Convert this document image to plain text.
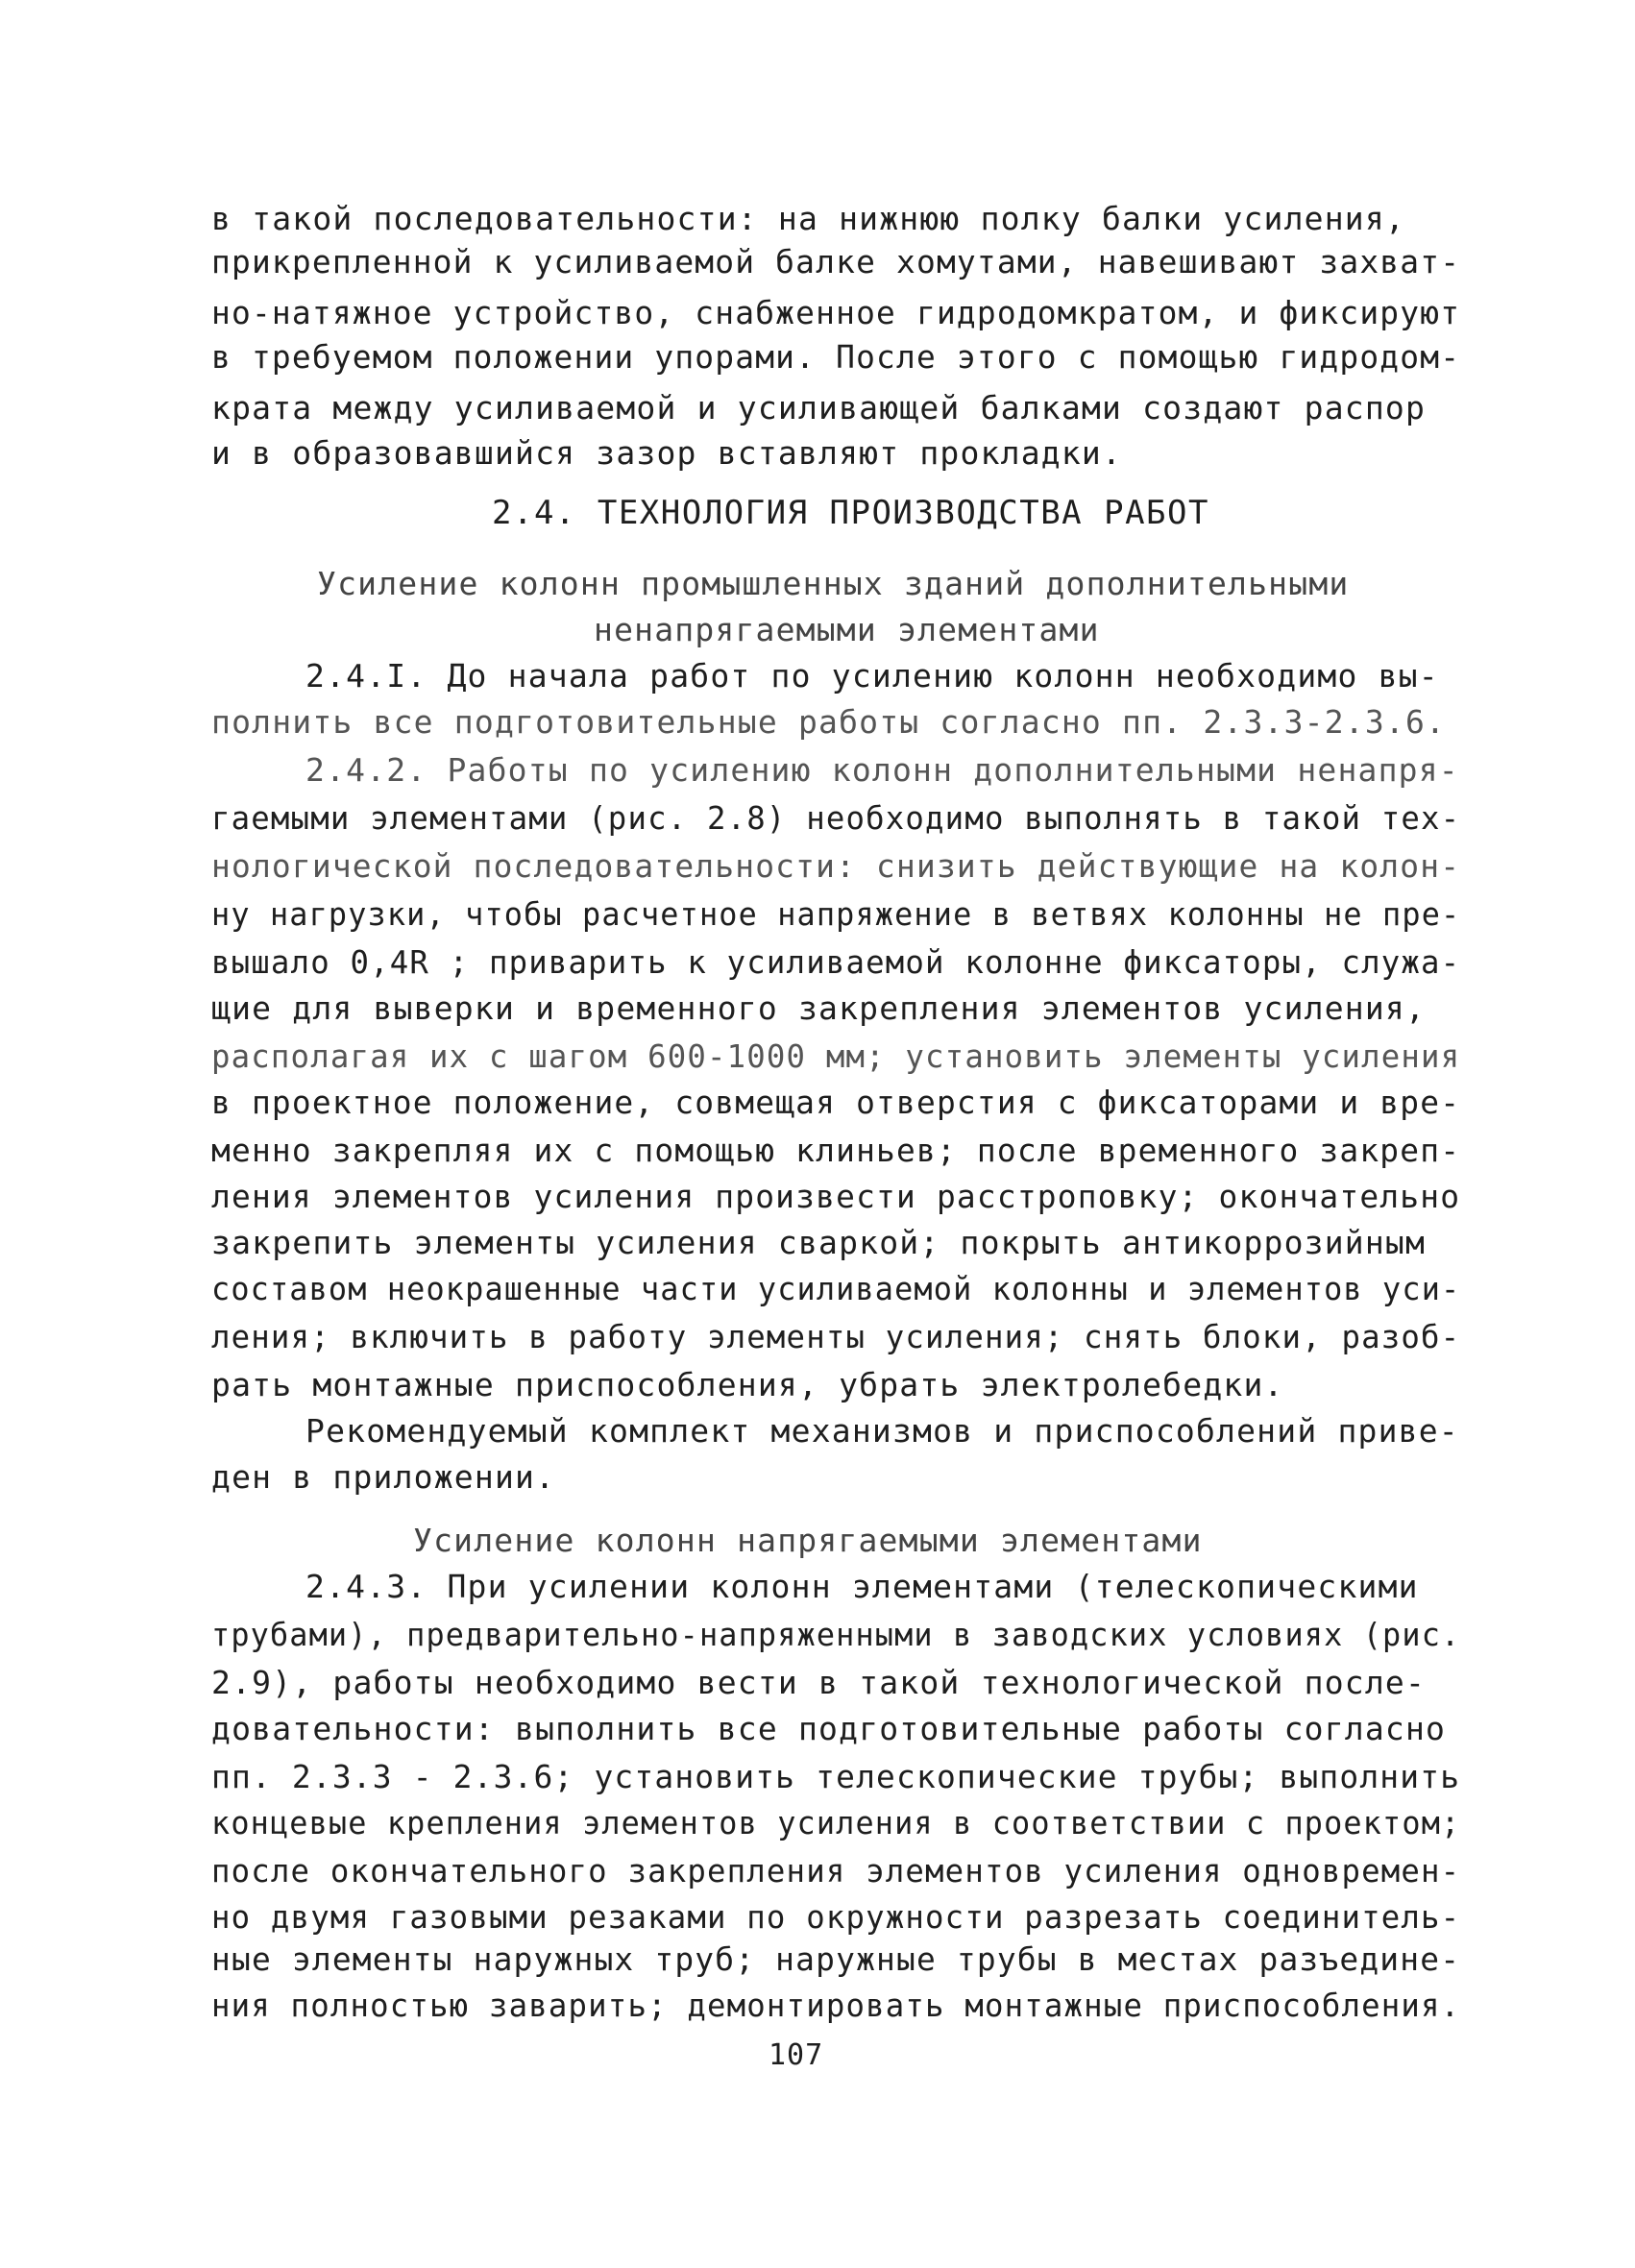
в такой последовательности: на нижнюю полку балки усиления,
прикрепленной к усиливаемой балке хомутами, навешивают захват-
но-натяжное устройство, снабженное гидродомкратом, и фиксируют
в требуемом положении упорами. После этого с помощью гидродом-
крата между усиливаемой и усиливающей балками создают распор
и в образовавшийся зазор вставляют прокладки.
2.4. ТЕХНОЛОГИЯ ПРОИЗВОДСТВА РАБОТ
Усиление колонн промышленных зданий дополнительными
ненапрягаемыми элементами
2.4.I. До начала работ по усилению колонн необходимо вы-
полнить все подготовительные работы согласно пп. 2.3.3-2.3.6.
2.4.2. Работы по усилению колонн дополнительными ненапря-
гаемыми элементами (рис. 2.8) необходимо выполнять в такой тех-
нологической последовательности: снизить действующие на колон-
ну нагрузки, чтобы расчетное напряжение в ветвях колонны не пре-
вышало 0,4R ; приварить к усиливаемой колонне фиксаторы, служа-
щие для выверки и временного закрепления элементов усиления,
располагая их с шагом 600-1000 мм; установить элементы усиления
в проектное положение, совмещая отверстия с фиксаторами и вре-
менно закрепляя их с помощью клиньев; после временного закреп-
ления элементов усиления произвести расстроповку; окончательно
закрепить элементы усиления сваркой; покрыть антикоррозийным
составом неокрашенные части усиливаемой колонны и элементов уси-
ления; включить в работу элементы усиления; снять блоки, разоб-
рать монтажные приспособления, убрать электролебедки.
Рекомендуемый комплект механизмов и приспособлений приве-
ден в приложении.
Усиление колонн напрягаемыми элементами
2.4.3. При усилении колонн элементами (телескопическими
трубами), предварительно-напряженными в заводских условиях (рис.
2.9), работы необходимо вести в такой технологической после-
довательности: выполнить все подготовительные работы согласно
пп. 2.3.3 - 2.3.6; установить телескопические трубы; выполнить
концевые крепления элементов усиления в соответствии с проектом;
после окончательного закрепления элементов усиления одновремен-
но двумя газовыми резаками по окружности разрезать соединитель-
ные элементы наружных труб; наружные трубы в местах разъедине-
ния полностью заварить; демонтировать монтажные приспособления.
107
